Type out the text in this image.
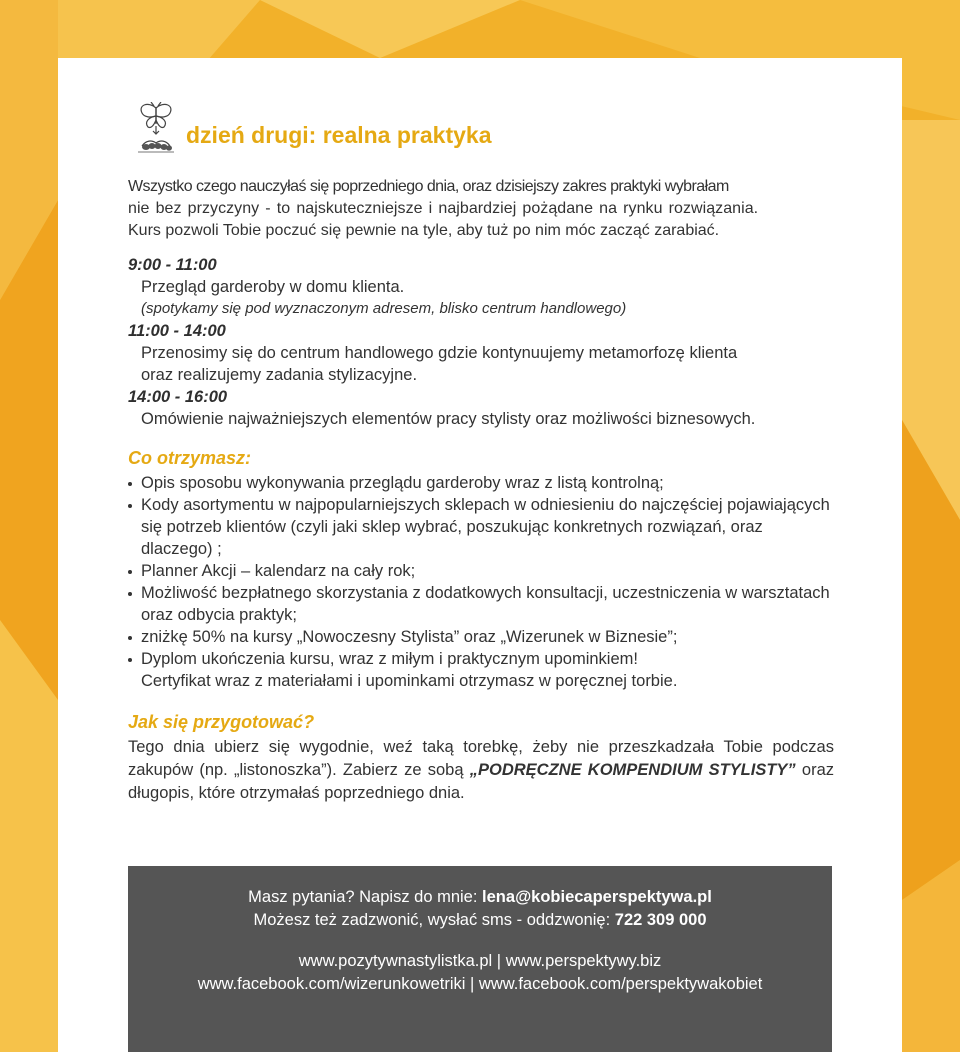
dzień drugi: realna praktyka
Wszystko czego nauczyłaś się poprzedniego dnia, oraz dzisiejszy zakres praktyki wybrałam
nie bez przyczyny - to najskuteczniejsze i najbardziej pożądane na rynku rozwiązania.
Kurs pozwoli Tobie poczuć się pewnie na tyle, aby tuż po nim móc zacząć zarabiać.
9:00 - 11:00
Przegląd garderoby w domu klienta.
(spotykamy się pod wyznaczonym adresem, blisko centrum handlowego)
11:00 - 14:00
Przenosimy się do centrum handlowego gdzie kontynuujemy metamorfozę klienta
oraz realizujemy zadania stylizacyjne.
14:00 - 16:00
Omówienie najważniejszych elementów pracy stylisty oraz możliwości biznesowych.
Co otrzymasz:
Opis sposobu wykonywania przeglądu garderoby wraz z listą kontrolną;
Kody asortymentu w najpopularniejszych sklepach w odniesieniu do najczęściej pojawiających się potrzeb klientów (czyli jaki sklep wybrać, poszukując konkretnych rozwiązań, oraz dlaczego) ;
Planner Akcji – kalendarz na cały rok;
Możliwość bezpłatnego skorzystania z dodatkowych konsultacji, uczestniczenia w warsztatach oraz odbycia praktyk;
zniżkę 50% na kursy „Nowoczesny Stylista” oraz „Wizerunek w Biznesie”;
Dyplom ukończenia kursu, wraz z miłym i praktycznym upominkiem!
Certyfikat wraz z materiałami i upominkami otrzymasz w poręcznej torbie.
Jak się przygotować?

Tego dnia ubierz się wygodnie, weź taką torebkę, żeby nie przeszkadzała Tobie podczas zakupów (np. „listonoszka”). Zabierz ze sobą „PODRĘCZNE KOMPENDIUM STYLISTY” oraz długopis, które otrzymałaś poprzedniego dnia.

Masz pytania? Napisz do mnie: lena@kobiecaperspektywa.pl
Możesz też zadzwonić, wysłać sms - oddzwonię: 722 309 000
www.pozytywnastylistka.pl | www.perspektywy.biz
www.facebook.com/wizerunkowetriki | www.facebook.com/perspektywakobiet
